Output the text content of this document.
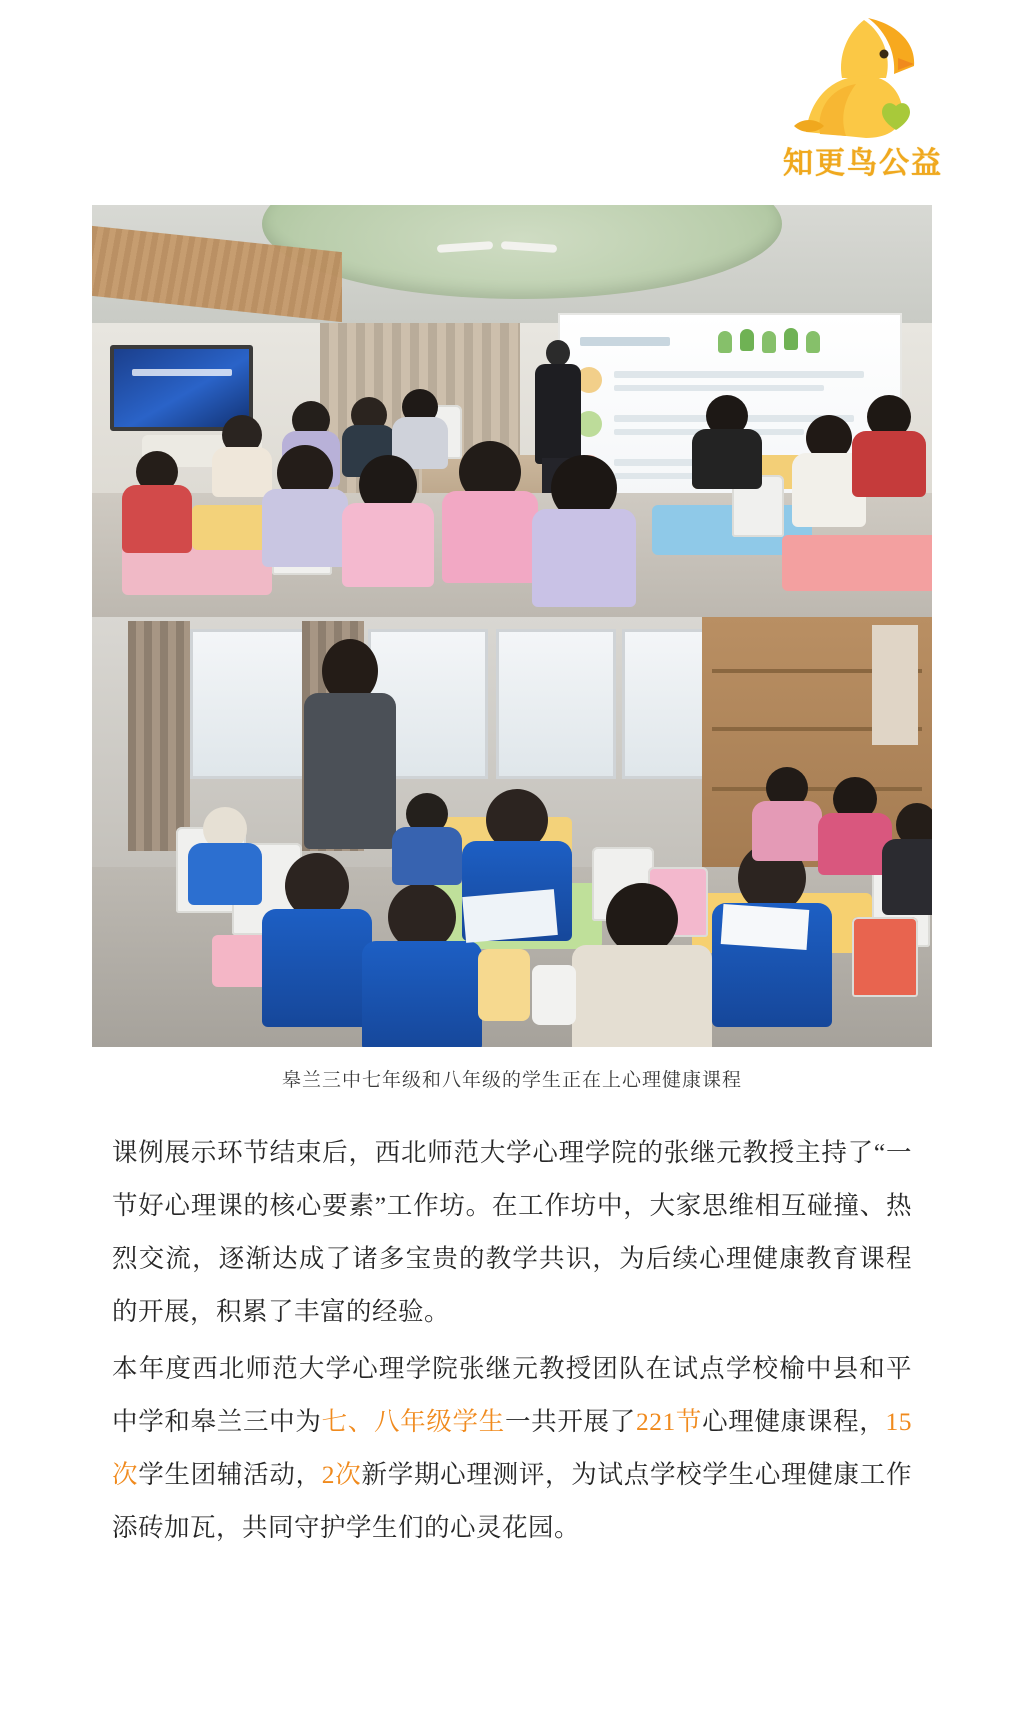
知更鸟公益
皋兰三中七年级和八年级的学生正在上心理健康课程

课例展示环节结束后，西北师范大学心理学院的张继元教授主持了“一节好心理课的核心要素”工作坊。在工作坊中，大家思维相互碰撞、热烈交流，逐渐达成了诸多宝贵的教学共识，为后续心理健康教育课程的开展，积累了丰富的经验。

本年度西北师范大学心理学院张继元教授团队在试点学校榆中县和平中学和皋兰三中为七、八年级学生一共开展了221节心理健康课程，15次学生团辅活动，2次新学期心理测评，为试点学校学生心理健康工作添砖加瓦，共同守护学生们的心灵花园。
